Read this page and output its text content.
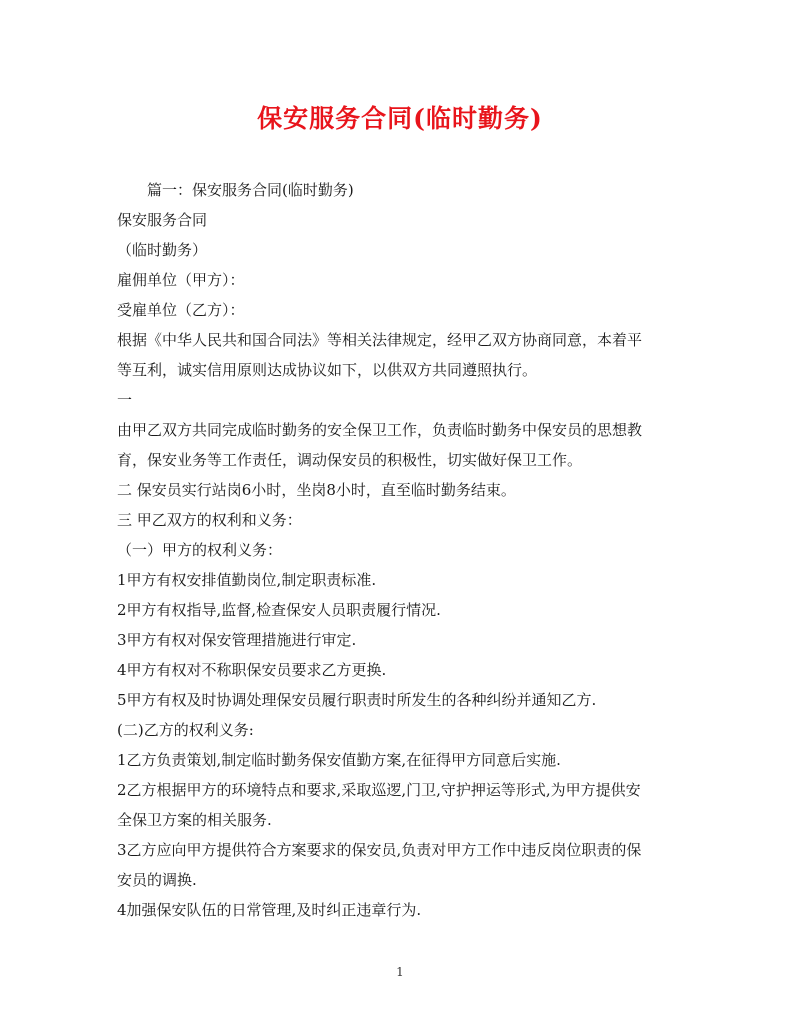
保安服务合同(临时勤务)
篇一：保安服务合同(临时勤务)
保安服务合同
（临时勤务）
雇佣单位（甲方）：
受雇单位（乙方）：
根据《中华人民共和国合同法》等相关法律规定，经甲乙双方协商同意，本着平
等互利，诚实信用原则达成协议如下，以供双方共同遵照执行。
一
由甲乙双方共同完成临时勤务的安全保卫工作，负责临时勤务中保安员的思想教
育，保安业务等工作责任，调动保安员的积极性，切实做好保卫工作。
二 保安员实行站岗6小时，坐岗8小时，直至临时勤务结束。
三 甲乙双方的权利和义务：
（一）甲方的权利义务：
1甲方有权安排值勤岗位,制定职责标准.
2甲方有权指导,监督,检查保安人员职责履行情况.
3甲方有权对保安管理措施进行审定.
4甲方有权对不称职保安员要求乙方更换.
5甲方有权及时协调处理保安员履行职责时所发生的各种纠纷并通知乙方.
(二)乙方的权利义务:
1乙方负责策划,制定临时勤务保安值勤方案,在征得甲方同意后实施.
2乙方根据甲方的环境特点和要求,采取巡逻,门卫,守护押运等形式,为甲方提供安
全保卫方案的相关服务.
3乙方应向甲方提供符合方案要求的保安员,负责对甲方工作中违反岗位职责的保
安员的调换.
4加强保安队伍的日常管理,及时纠正违章行为.
1
